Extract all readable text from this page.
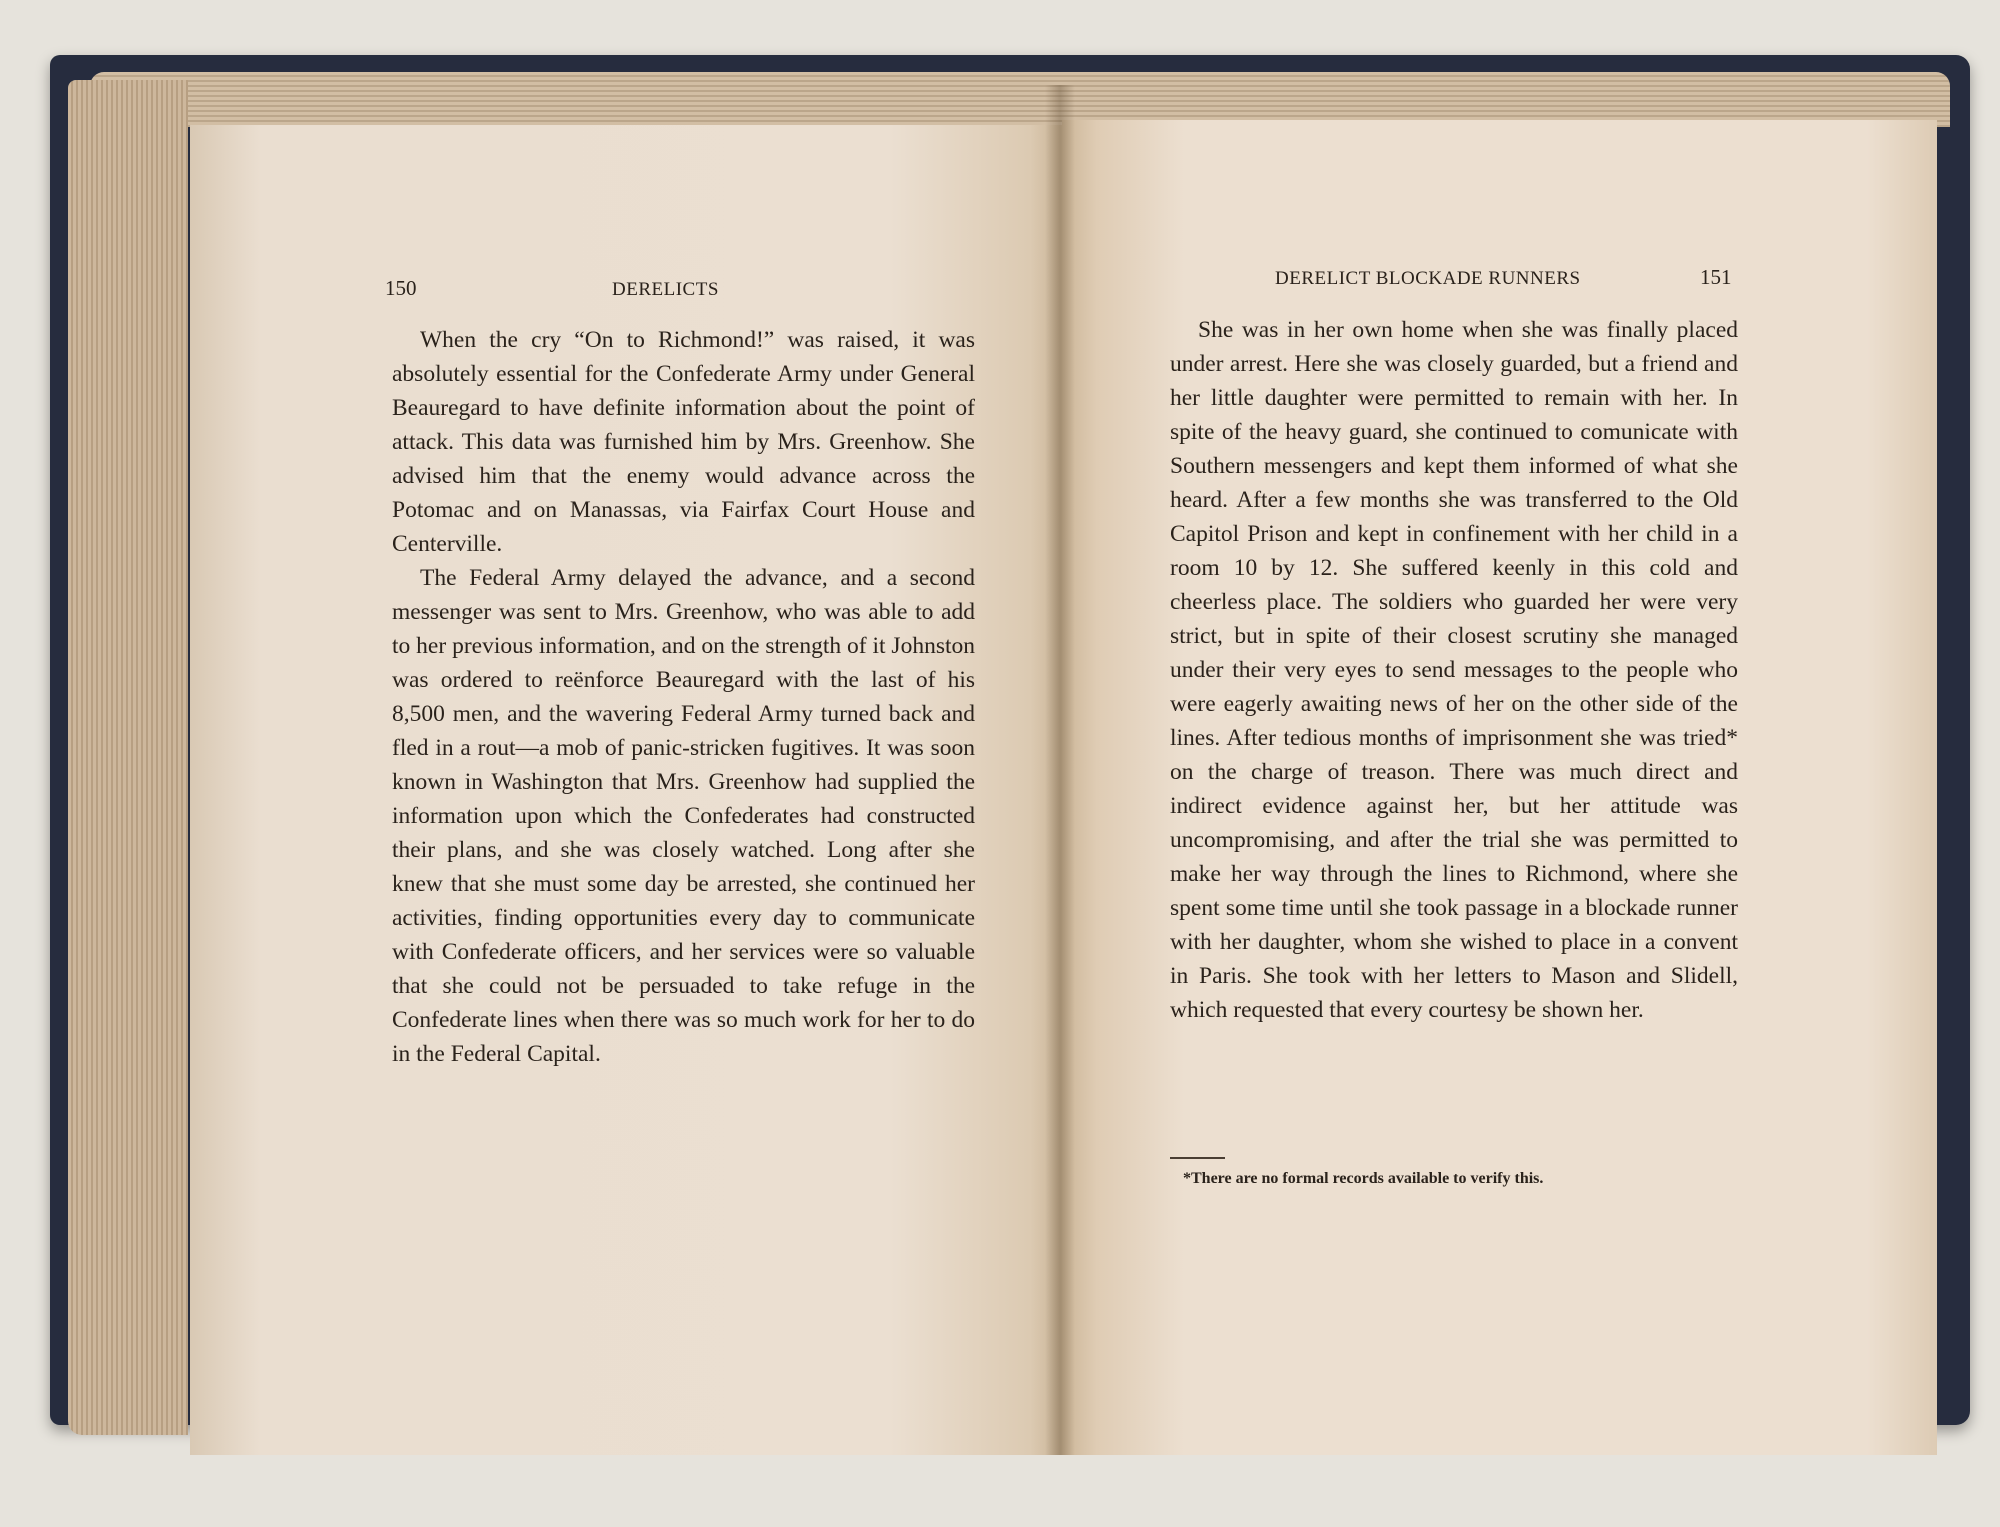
150	DERELICTS

When the cry “On to Richmond!” was raised, it was absolutely essential for the Confederate Army under General Beauregard to have definite information about the point of attack. This data was furnished him by Mrs. Greenhow. She advised him that the enemy would advance across the Potomac and on Manassas, via Fairfax Court House and Centerville.

The Federal Army delayed the advance, and a second messenger was sent to Mrs. Greenhow, who was able to add to her previous information, and on the strength of it Johnston was ordered to reënforce Beauregard with the last of his 8,500 men, and the wavering Federal Army turned back and fled in a rout—a mob of panic-stricken fugitives. It was soon known in Washington that Mrs. Greenhow had supplied the information upon which the Confederates had constructed their plans, and she was closely watched. Long after she knew that she must some day be arrested, she continued her activities, finding opportunities every day to communicate with Confederate officers, and her services were so valuable that she could not be persuaded to take refuge in the Confederate lines when there was so much work for her to do in the Federal Capital.

DERELICT BLOCKADE RUNNERS	151

She was in her own home when she was finally placed under arrest. Here she was closely guarded, but a friend and her little daughter were permitted to remain with her. In spite of the heavy guard, she continued to comunicate with Southern messengers and kept them informed of what she heard. After a few months she was transferred to the Old Capitol Prison and kept in confinement with her child in a room 10 by 12. She suffered keenly in this cold and cheerless place. The soldiers who guarded her were very strict, but in spite of their closest scrutiny she managed under their very eyes to send messages to the people who were eagerly awaiting news of her on the other side of the lines. After tedious months of imprisonment she was tried* on the charge of treason. There was much direct and indirect evidence against her, but her attitude was uncompromising, and after the trial she was permitted to make her way through the lines to Richmond, where she spent some time until she took passage in a blockade runner with her daughter, whom she wished to place in a convent in Paris. She took with her letters to Mason and Slidell, which requested that every courtesy be shown her.

*There are no formal records available to verify this.
